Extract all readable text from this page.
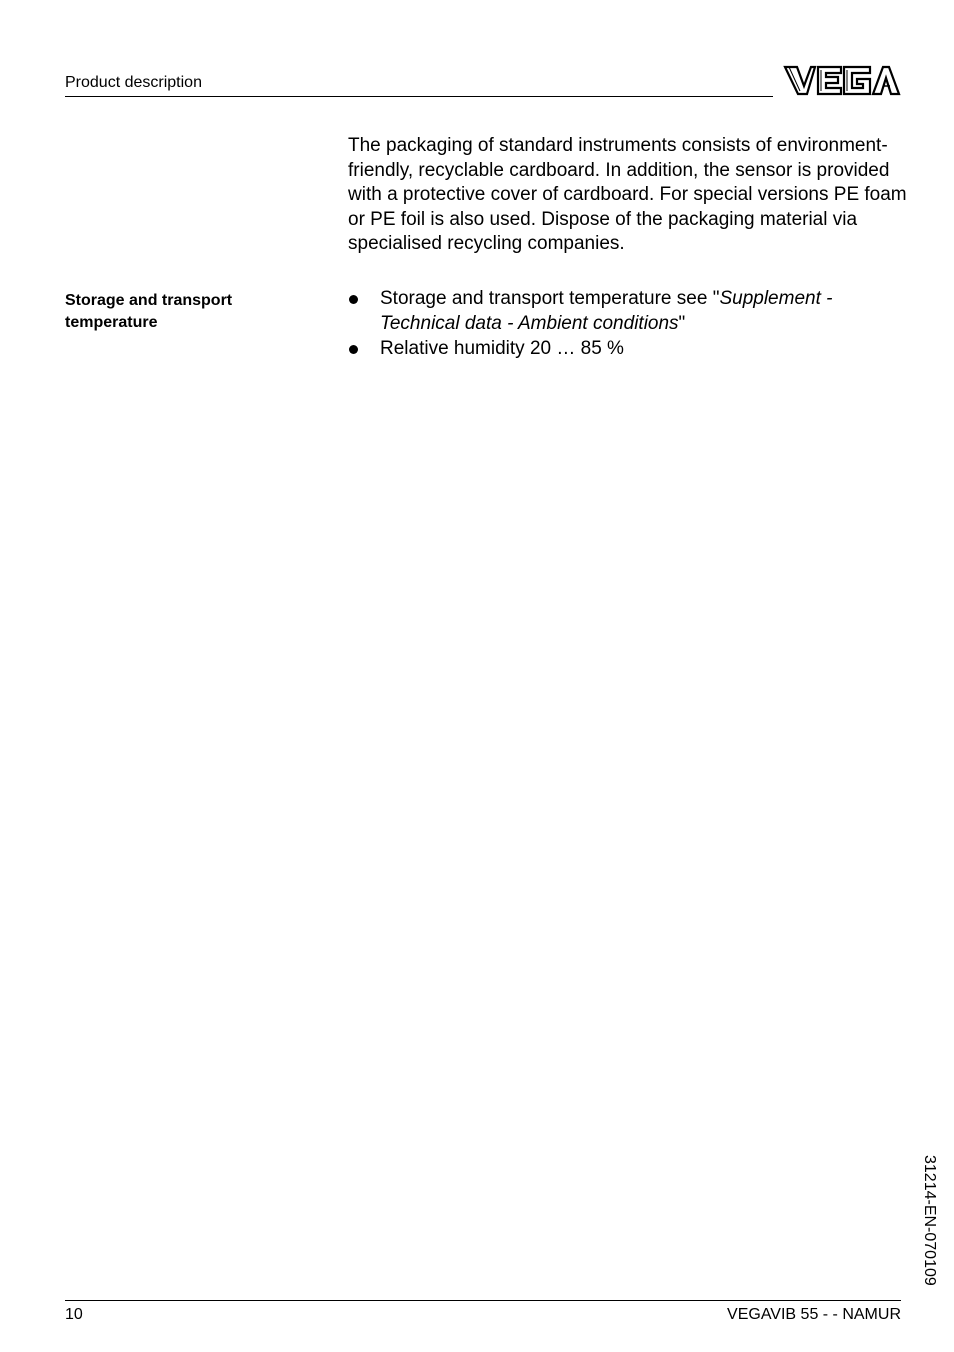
Product description

The packaging of standard instruments consists of environment-friendly, recyclable cardboard. In addition, the sensor is provided with a protective cover of cardboard. For special versions PE foam or PE foil is also used. Dispose of the packaging material via specialised recycling companies.

Storage and transport temperature
Storage and transport temperature see "Supplement - Technical data - Ambient conditions"
Relative humidity 20 … 85 %
31214-EN-070109
10	VEGAVIB 55 - - NAMUR
